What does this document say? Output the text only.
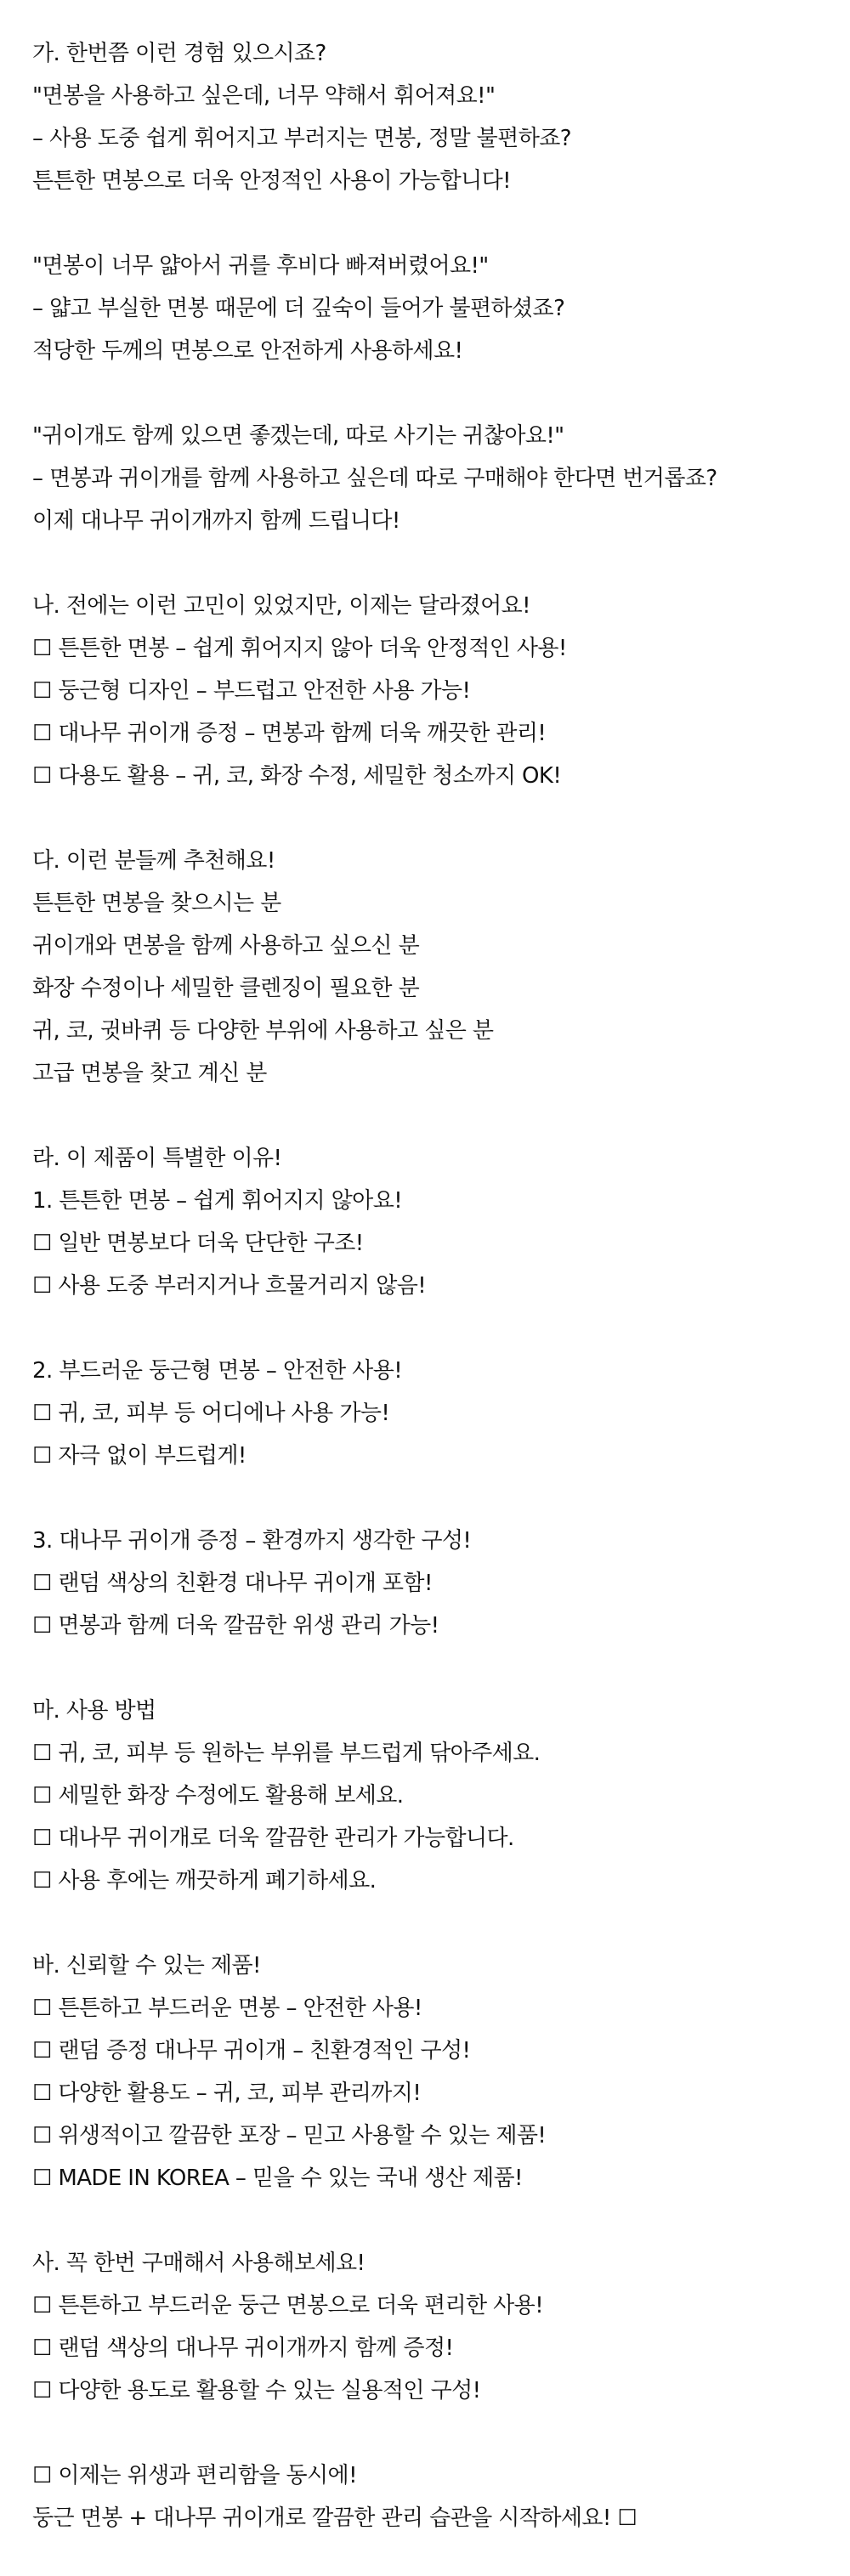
가. 한번쯤 이런 경험 있으시죠?
"면봉을 사용하고 싶은데, 너무 약해서 휘어져요!"
– 사용 도중 쉽게 휘어지고 부러지는 면봉, 정말 불편하죠?
튼튼한 면봉으로 더욱 안정적인 사용이 가능합니다!
"면봉이 너무 얇아서 귀를 후비다 빠져버렸어요!"
– 얇고 부실한 면봉 때문에 더 깊숙이 들어가 불편하셨죠?
적당한 두께의 면봉으로 안전하게 사용하세요!
"귀이개도 함께 있으면 좋겠는데, 따로 사기는 귀찮아요!"
– 면봉과 귀이개를 함께 사용하고 싶은데 따로 구매해야 한다면 번거롭죠?
이제 대나무 귀이개까지 함께 드립니다!
나. 전에는 이런 고민이 있었지만, 이제는 달라졌어요!
☐ 튼튼한 면봉 – 쉽게 휘어지지 않아 더욱 안정적인 사용!
☐ 둥근형 디자인 – 부드럽고 안전한 사용 가능!
☐ 대나무 귀이개 증정 – 면봉과 함께 더욱 깨끗한 관리!
☐ 다용도 활용 – 귀, 코, 화장 수정, 세밀한 청소까지 OK!
다. 이런 분들께 추천해요!
튼튼한 면봉을 찾으시는 분
귀이개와 면봉을 함께 사용하고 싶으신 분
화장 수정이나 세밀한 클렌징이 필요한 분
귀, 코, 귓바퀴 등 다양한 부위에 사용하고 싶은 분
고급 면봉을 찾고 계신 분
라. 이 제품이 특별한 이유!
1. 튼튼한 면봉 – 쉽게 휘어지지 않아요!
☐ 일반 면봉보다 더욱 단단한 구조!
☐ 사용 도중 부러지거나 흐물거리지 않음!
2. 부드러운 둥근형 면봉 – 안전한 사용!
☐ 귀, 코, 피부 등 어디에나 사용 가능!
☐ 자극 없이 부드럽게!
3. 대나무 귀이개 증정 – 환경까지 생각한 구성!
☐ 랜덤 색상의 친환경 대나무 귀이개 포함!
☐ 면봉과 함께 더욱 깔끔한 위생 관리 가능!
마. 사용 방법
☐ 귀, 코, 피부 등 원하는 부위를 부드럽게 닦아주세요.
☐ 세밀한 화장 수정에도 활용해 보세요.
☐ 대나무 귀이개로 더욱 깔끔한 관리가 가능합니다.
☐ 사용 후에는 깨끗하게 폐기하세요.
바. 신뢰할 수 있는 제품!
☐ 튼튼하고 부드러운 면봉 – 안전한 사용!
☐ 랜덤 증정 대나무 귀이개 – 친환경적인 구성!
☐ 다양한 활용도 – 귀, 코, 피부 관리까지!
☐ 위생적이고 깔끔한 포장 – 믿고 사용할 수 있는 제품!
☐ MADE IN KOREA – 믿을 수 있는 국내 생산 제품!
사. 꼭 한번 구매해서 사용해보세요!
☐ 튼튼하고 부드러운 둥근 면봉으로 더욱 편리한 사용!
☐ 랜덤 색상의 대나무 귀이개까지 함께 증정!
☐ 다양한 용도로 활용할 수 있는 실용적인 구성!
☐ 이제는 위생과 편리함을 동시에!
둥근 면봉 + 대나무 귀이개로 깔끔한 관리 습관을 시작하세요! ☐
